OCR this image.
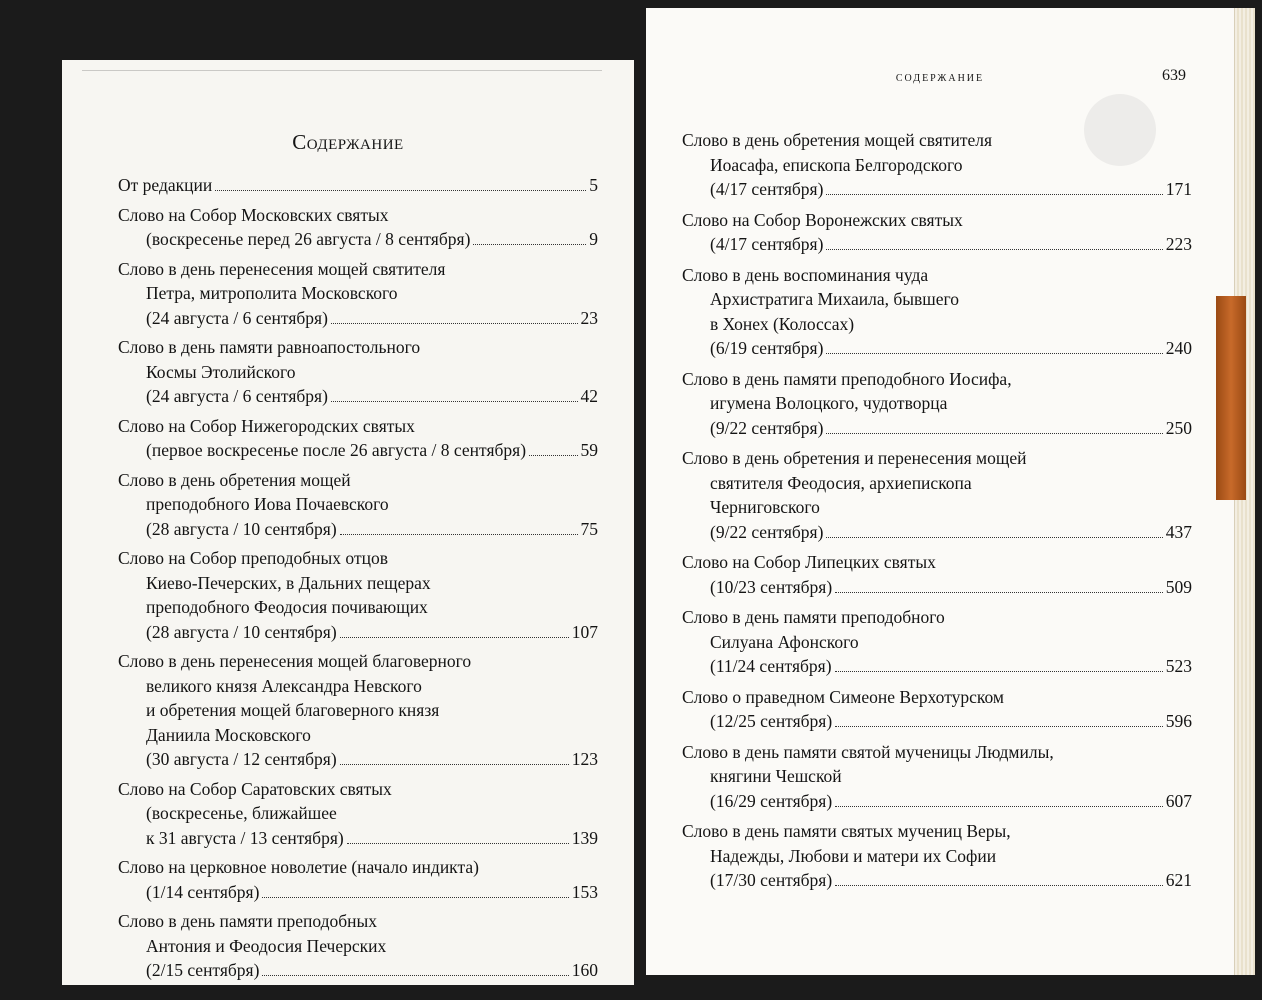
Содержание
От редакции	5
Слово на Собор Московских святых
(воскресенье перед 26 августа / 8 сентября)	9
Слово в день перенесения мощей святителя
Петра, митрополита Московского
(24 августа / 6 сентября)	23
Слово в день памяти равноапостольного
Космы Этолийского
(24 августа / 6 сентября)	42
Слово на Собор Нижегородских святых
(первое воскресенье после 26 августа / 8 сентября)	59
Слово в день обретения мощей
преподобного Иова Почаевского
(28 августа / 10 сентября)	75
Слово на Собор преподобных отцов
Киево-Печерских, в Дальних пещерах
преподобного Феодосия почивающих
(28 августа / 10 сентября)	107
Слово в день перенесения мощей благоверного
великого князя Александра Невского
и обретения мощей благоверного князя
Даниила Московского
(30 августа / 12 сентября)	123
Слово на Собор Саратовских святых
(воскресенье, ближайшее
к 31 августа / 13 сентября)	139
Слово на церковное новолетие (начало индикта)
(1/14 сентября)	153
Слово в день памяти преподобных
Антония и Феодосия Печерских
(2/15 сентября)	160
содержание	639
Слово в день обретения мощей святителя
Иоасафа, епископа Белгородского
(4/17 сентября)	171
Слово на Собор Воронежских святых
(4/17 сентября)	223
Слово в день воспоминания чуда
Архистратига Михаила, бывшего
в Хонех (Колоссах)
(6/19 сентября)	240
Слово в день памяти преподобного Иосифа,
игумена Волоцкого, чудотворца
(9/22 сентября)	250
Слово в день обретения и перенесения мощей
святителя Феодосия, архиепископа
Черниговского
(9/22 сентября)	437
Слово на Собор Липецких святых
(10/23 сентября)	509
Слово в день памяти преподобного
Силуана Афонского
(11/24 сентября)	523
Слово о праведном Симеоне Верхотурском
(12/25 сентября)	596
Слово в день памяти святой мученицы Людмилы,
княгини Чешской
(16/29 сентября)	607
Слово в день памяти святых мучениц Веры,
Надежды, Любови и матери их Софии
(17/30 сентября)	621
